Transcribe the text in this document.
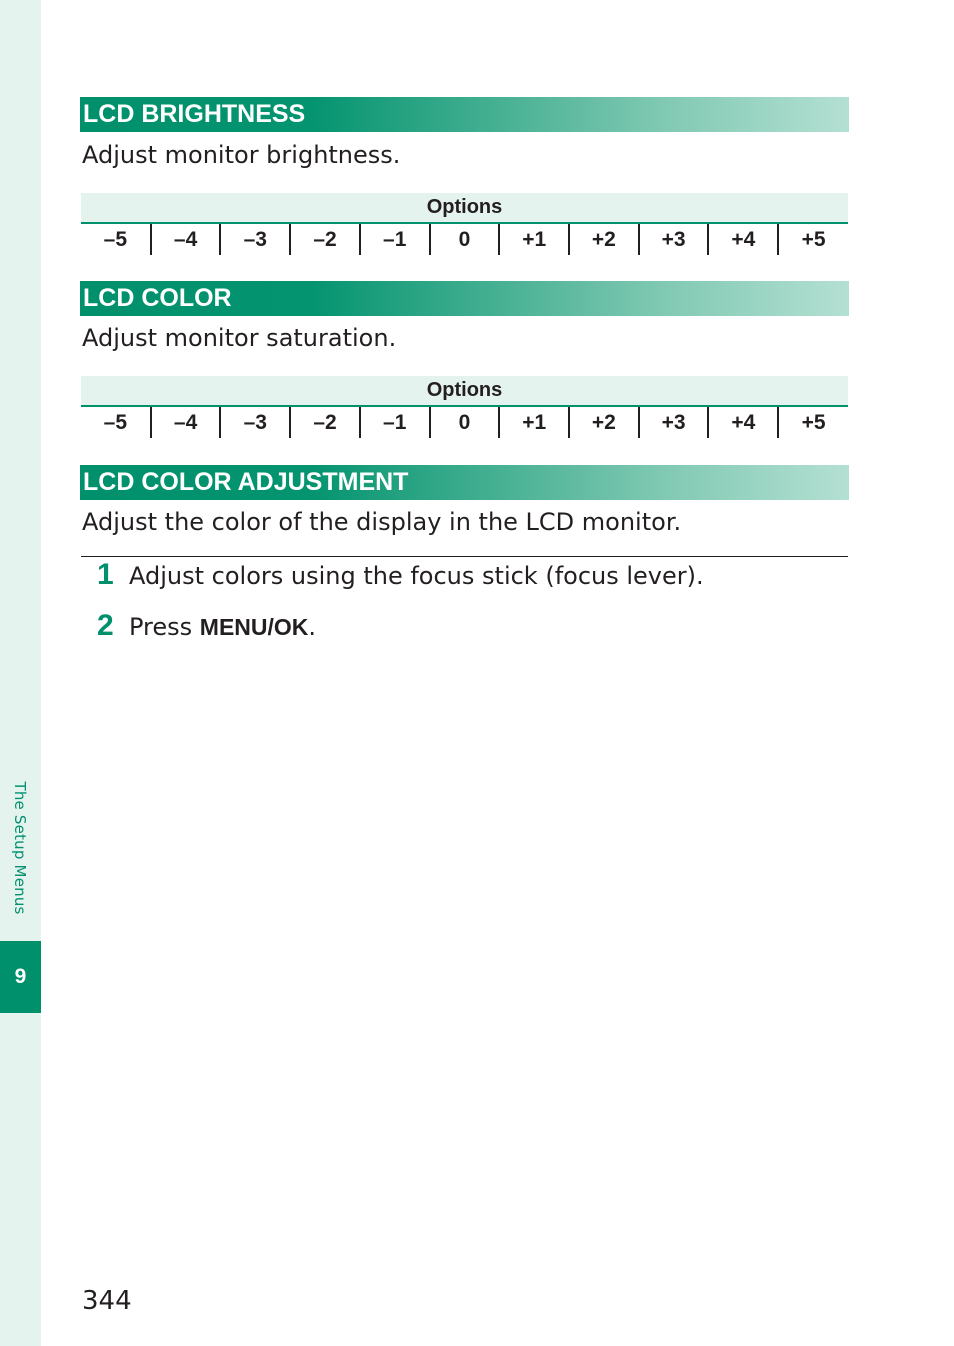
The Setup Menus
9
LCD BRIGHTNESS
Adjust monitor brightness.
Options
–5	–4	–3	–2	–1	0	+1	+2	+3	+4	+5
LCD COLOR
Adjust monitor saturation.
Options
–5	–4	–3	–2	–1	0	+1	+2	+3	+4	+5
LCD COLOR ADJUSTMENT
Adjust the color of the display in the LCD monitor.
1 Adjust colors using the focus stick (focus lever).
2 Press MENU/OK.
344
